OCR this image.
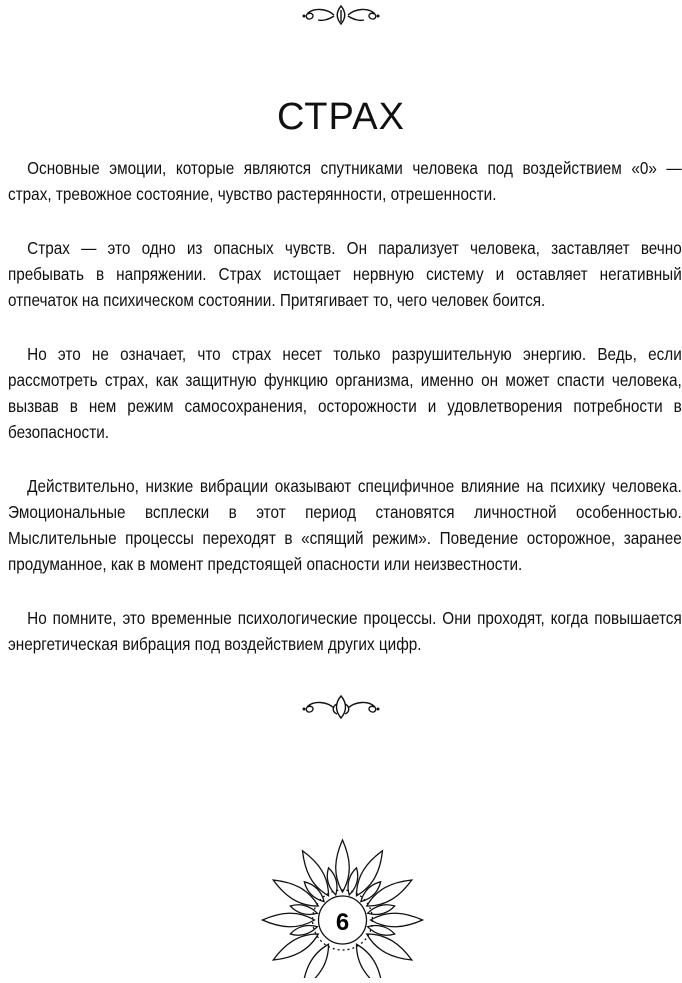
СТРАХ

Основные эмоции, которые являются спутниками человека под воздействием «0» — страх, тревожное состояние, чувство растерянности, отрешенности.

Страх — это одно из опасных чувств. Он парализует человека, заставляет вечно пребывать в напряжении. Страх истощает нервную систему и оставляет негативный отпечаток на психическом состоянии. Притягивает то, чего человек боится.

Но это не означает, что страх несет только разрушительную энергию. Ведь, если рассмотреть страх, как защитную функцию организма, именно он может спасти человека, вызвав в нем режим самосохранения, осторожности и удовлетворения потребности в безопасности.

Действительно, низкие вибрации оказывают специфичное влияние на психику человека. Эмоциональные всплески в этот период становятся личностной особенностью. Мыслительные процессы переходят в «спящий режим». Поведение осторожное, заранее продуманное, как в момент предстоящей опасности или неизвестности.

Но помните, это временные психологические процессы. Они проходят, когда повышается энергетическая вибрация под воздействием других цифр.

6
